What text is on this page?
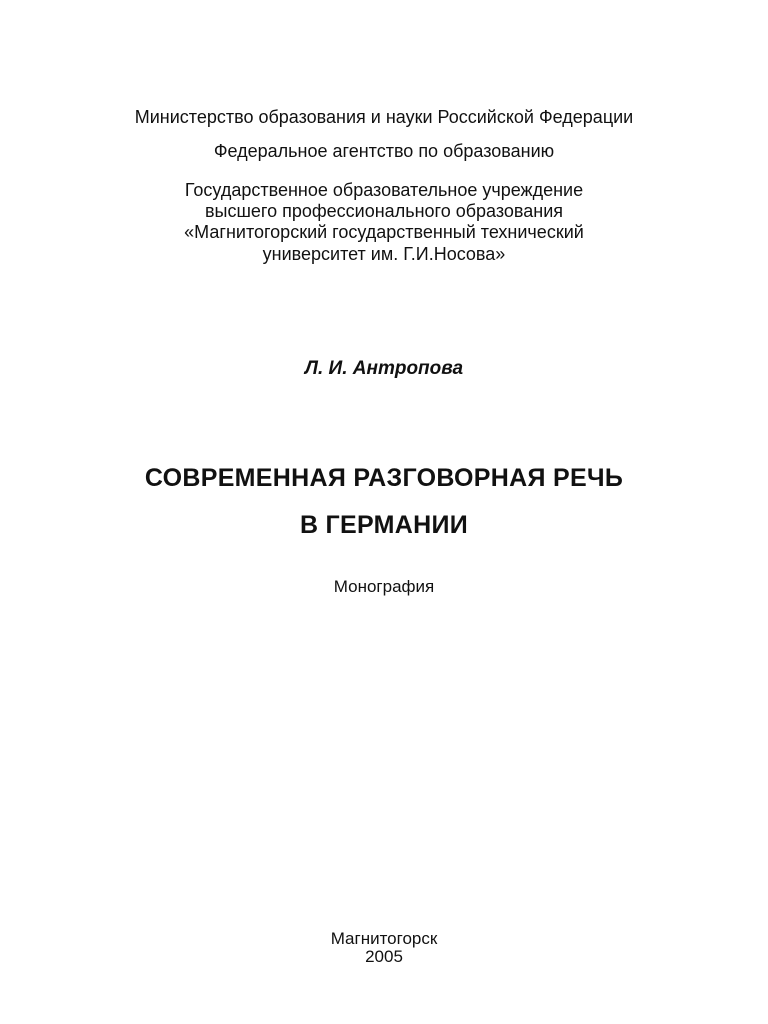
Министерство образования и науки Российской Федерации
Федеральное агентство по образованию
Государственное образовательное учреждение
высшего профессионального образования
«Магнитогорский государственный технический
университет им. Г.И.Носова»
Л. И. Антропова
СОВРЕМЕННАЯ РАЗГОВОРНАЯ РЕЧЬ
В ГЕРМАНИИ
Монография
Магнитогорск
2005
